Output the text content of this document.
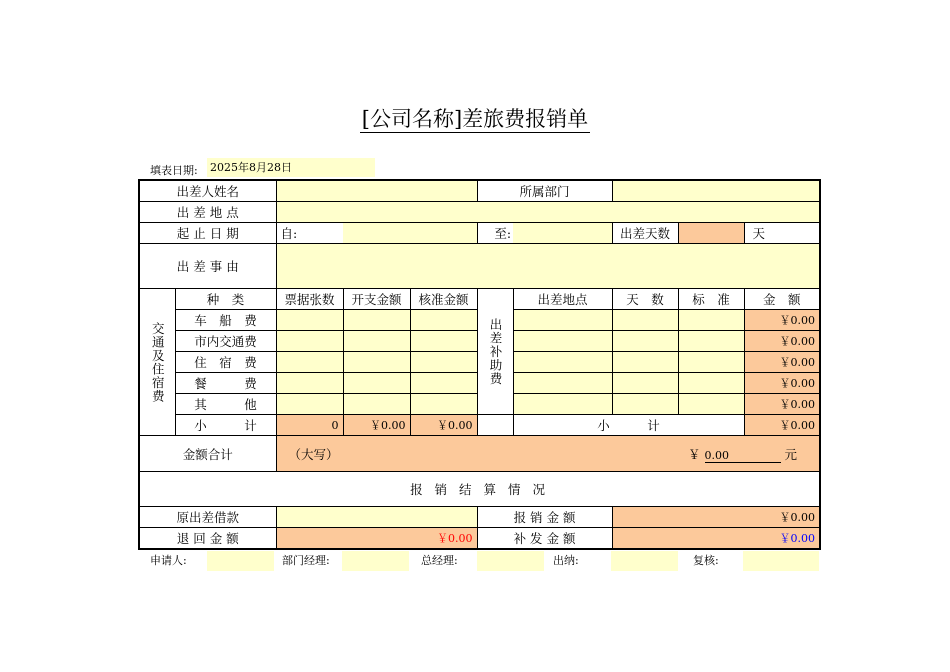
[公司名称]差旅费报销单
填表日期: 2025年8月28日
出差人姓名					所属部门				
出 差 地 点									
起 止 日 期		自:			至:		出差天数		天
出 差 事 由									

交通及住宿费	种　类	票据张数	开支金额	核准金额	出差补助费	出差地点	天　数	标　准	金　额
	车　船　费								￥0.00
	市内交通费								￥0.00
	住　宿　费								￥0.00
	餐　　　费								￥0.00
	其　　　他								￥0.00
	小　　　计	0	￥0.00	￥0.00		小　　　计			￥0.00
金额合计		（大写） ￥ 0.00 元							

报 销 结 算 情 况									
原出差借款					报 销 金 额		￥0.00		
退 回 金 额		￥0.00			补 发 金 额		￥0.00		
申请人:	部门经理:	总经理:	出纳:	复核:
